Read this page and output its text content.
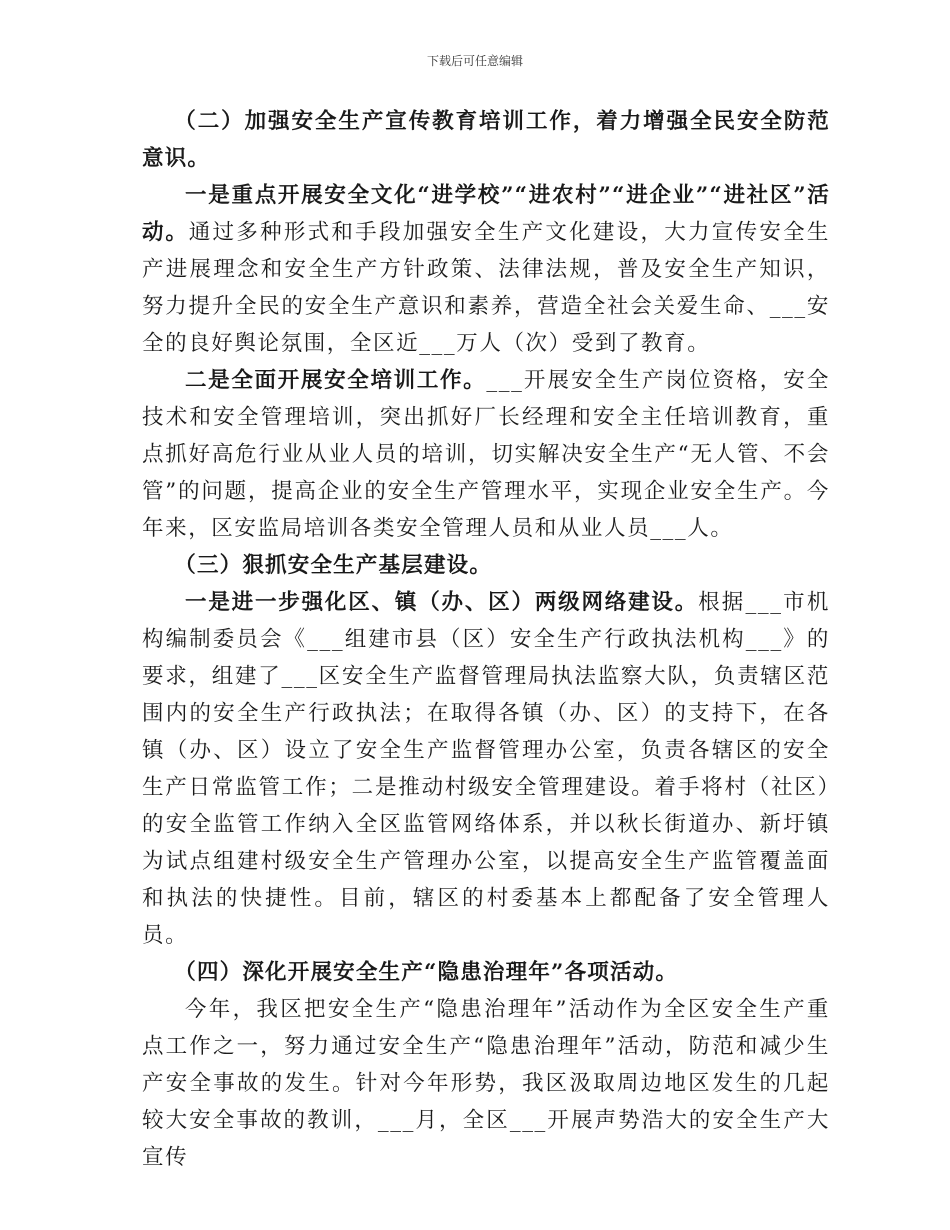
下载后可任意编辑

（二）加强安全生产宣传教育培训工作，着力增强全民安全防范意识。

一是重点开展安全文化“进学校”“进农村”“进企业”“进社区”活动。通过多种形式和手段加强安全生产文化建设，大力宣传安全生产进展理念和安全生产方针政策、法律法规，普及安全生产知识，努力提升全民的安全生产意识和素养，营造全社会关爱生命、___安全的良好舆论氛围，全区近___万人（次）受到了教育。

二是全面开展安全培训工作。___开展安全生产岗位资格，安全技术和安全管理培训，突出抓好厂长经理和安全主任培训教育，重点抓好高危行业从业人员的培训，切实解决安全生产“无人管、不会管”的问题，提高企业的安全生产管理水平，实现企业安全生产。今年来，区安监局培训各类安全管理人员和从业人员___人。

（三）狠抓安全生产基层建设。

一是进一步强化区、镇（办、区）两级网络建设。根据___市机构编制委员会《___组建市县（区）安全生产行政执法机构___》的要求，组建了___区安全生产监督管理局执法监察大队，负责辖区范围内的安全生产行政执法；在取得各镇（办、区）的支持下，在各镇（办、区）设立了安全生产监督管理办公室，负责各辖区的安全生产日常监管工作；二是推动村级安全管理建设。着手将村（社区）的安全监管工作纳入全区监管网络体系，并以秋长街道办、新圩镇为试点组建村级安全生产管理办公室，以提高安全生产监管覆盖面和执法的快捷性。目前，辖区的村委基本上都配备了安全管理人员。

（四）深化开展安全生产“隐患治理年”各项活动。

今年，我区把安全生产“隐患治理年”活动作为全区安全生产重点工作之一，努力通过安全生产“隐患治理年”活动，防范和减少生产安全事故的发生。针对今年形势，我区汲取周边地区发生的几起较大安全事故的教训，___月，全区___开展声势浩大的安全生产大宣传
